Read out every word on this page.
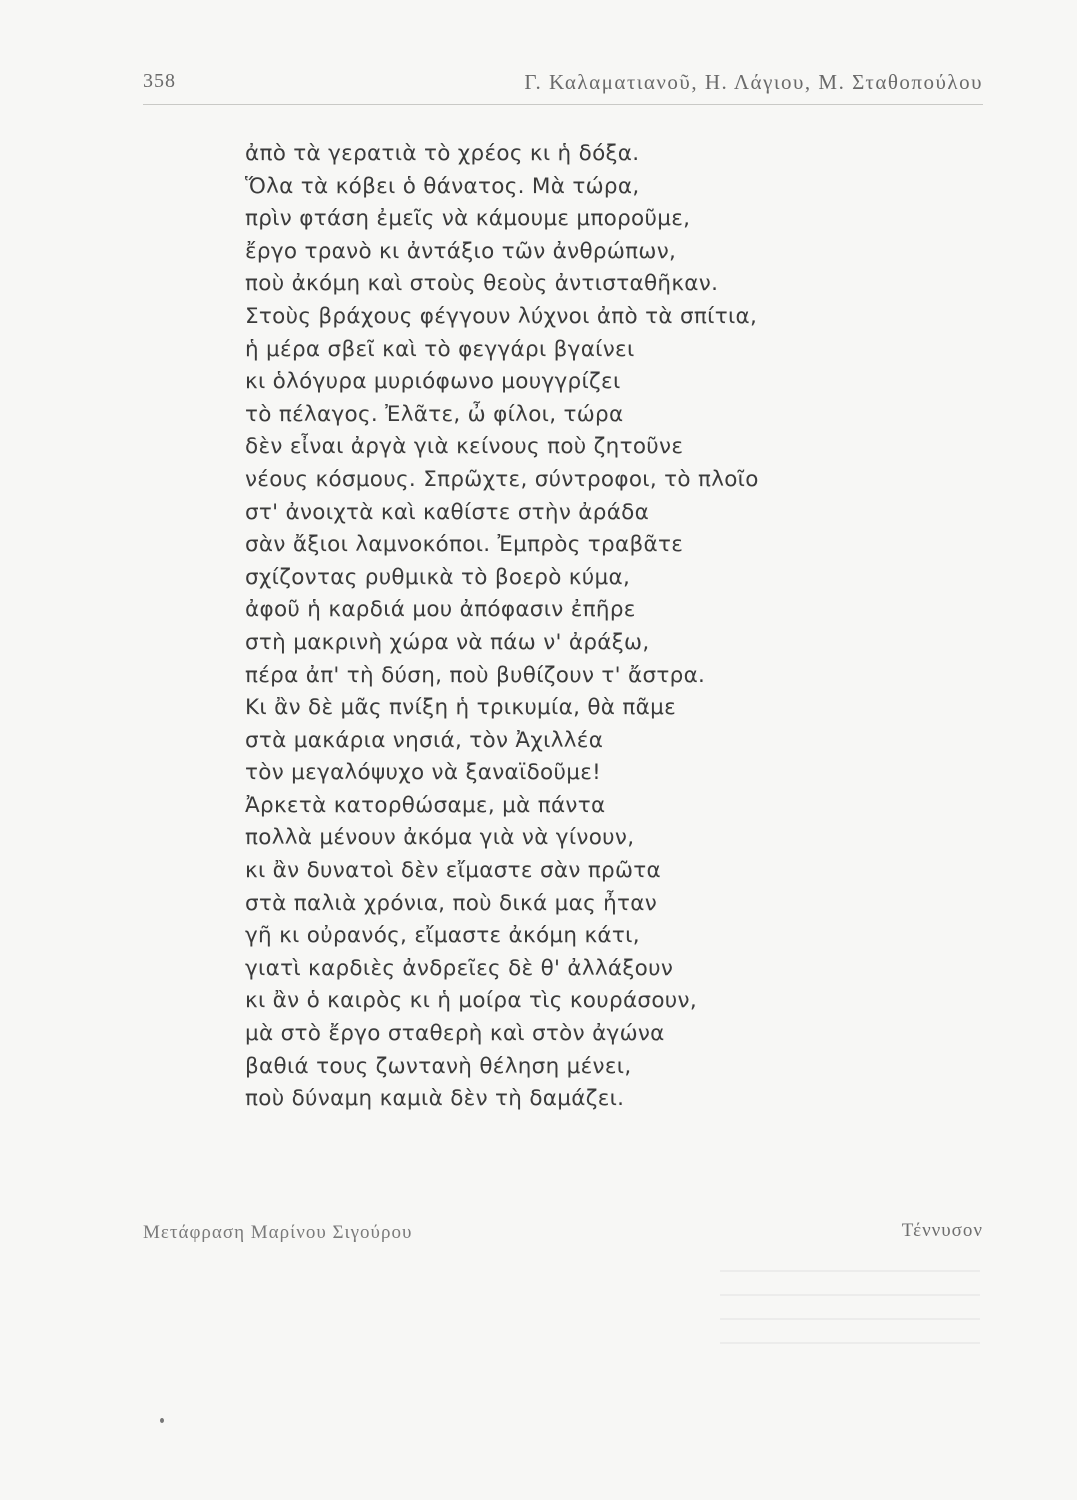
358	Γ. Καλαματιανοῦ, Η. Λάγιου, Μ. Σταθοπούλου
ἀπὸ τὰ γερατιὰ τὸ χρέος κι ἡ δόξα.
Ὅλα τὰ κόβει ὁ θάνατος. Μὰ τώρα,
πρὶν φτάση ἐμεῖς νὰ κάμουμε μποροῦμε,
ἔργο τρανὸ κι ἀντάξιο τῶν ἀνθρώπων,
ποὺ ἀκόμη καὶ στοὺς θεοὺς ἀντισταθῆκαν.
Στοὺς βράχους φέγγουν λύχνοι ἀπὸ τὰ σπίτια,
ἡ μέρα σβεῖ καὶ τὸ φεγγάρι βγαίνει
κι ὁλόγυρα μυριόφωνο μουγγρίζει
τὸ πέλαγος. Ἐλᾶτε, ὦ φίλοι, τώρα
δὲν εἶναι ἀργὰ γιὰ κείνους ποὺ ζητοῦνε
νέους κόσμους. Σπρῶχτε, σύντροφοι, τὸ πλοῖο
στ' ἀνοιχτὰ καὶ καθίστε στὴν ἀράδα
σὰν ἄξιοι λαμνοκόποι. Ἐμπρὸς τραβᾶτε
σχίζοντας ρυθμικὰ τὸ βοερὸ κύμα,
ἀφοῦ ἡ καρδιά μου ἀπόφασιν ἐπῆρε
στὴ μακρινὴ χώρα νὰ πάω ν' ἀράξω,
πέρα ἀπ' τὴ δύση, ποὺ βυθίζουν τ' ἄστρα.
Κι ἂν δὲ μᾶς πνίξη ἡ τρικυμία, θὰ πᾶμε
στὰ μακάρια νησιά, τὸν Ἀχιλλέα
τὸν μεγαλόψυχο νὰ ξαναϊδοῦμε!
Ἀρκετὰ κατορθώσαμε, μὰ πάντα
πολλὰ μένουν ἀκόμα γιὰ νὰ γίνουν,
κι ἂν δυνατοὶ δὲν εἴμαστε σὰν πρῶτα
στὰ παλιὰ χρόνια, ποὺ δικά μας ἦταν
γῆ κι οὐρανός, εἴμαστε ἀκόμη κάτι,
γιατὶ καρδιὲς ἀνδρεῖες δὲ θ' ἀλλάξουν
κι ἂν ὁ καιρὸς κι ἡ μοίρα τὶς κουράσουν,
μὰ στὸ ἔργο σταθερὴ καὶ στὸν ἀγώνα
βαθιά τους ζωντανὴ θέληση μένει,
ποὺ δύναμη καμιὰ δὲν τὴ δαμάζει.
Μετάφραση Μαρίνου Σιγούρου	Τέννυσον
